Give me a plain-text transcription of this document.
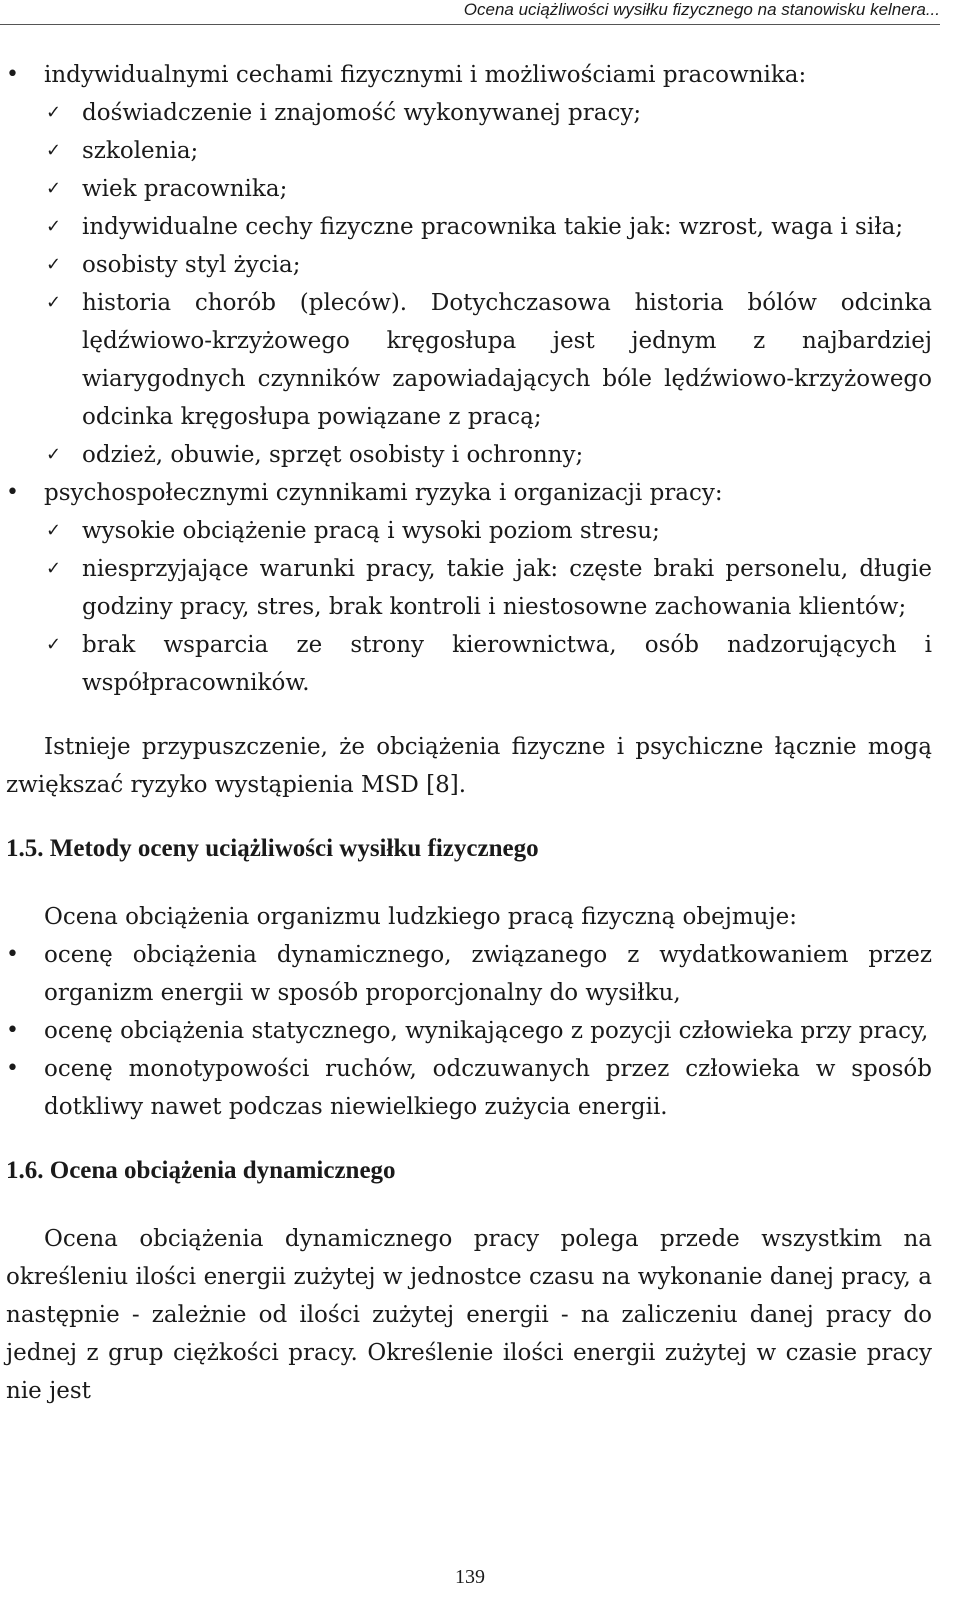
Ocena uciążliwości wysiłku fizycznego na stanowisku kelnera...
• indywidualnymi cechami fizycznymi i możliwościami pracownika:
✓ doświadczenie i znajomość wykonywanej pracy;
✓ szkolenia;
✓ wiek pracownika;
✓ indywidualne cechy fizyczne pracownika takie jak: wzrost, waga i siła;
✓ osobisty styl życia;
✓ historia chorób (pleców). Dotychczasowa historia bólów odcinka lędźwiowo-krzyżowego kręgosłupa jest jednym z najbardziej wiarygodnych czynników zapowiadających bóle lędźwiowo-krzyżowego odcinka kręgosłupa powiązane z pracą;
✓ odzież, obuwie, sprzęt osobisty i ochronny;
• psychospołecznymi czynnikami ryzyka i organizacji pracy:
✓ wysokie obciążenie pracą i wysoki poziom stresu;
✓ niesprzyjające warunki pracy, takie jak: częste braki personelu, długie godziny pracy, stres, brak kontroli i niestosowne zachowania klientów;
✓ brak wsparcia ze strony kierownictwa, osób nadzorujących i współpracowników.
Istnieje przypuszczenie, że obciążenia fizyczne i psychiczne łącznie mogą zwiększać ryzyko wystąpienia MSD [8].
1.5. Metody oceny uciążliwości wysiłku fizycznego
Ocena obciążenia organizmu ludzkiego pracą fizyczną obejmuje:
• ocenę obciążenia dynamicznego, związanego z wydatkowaniem przez organizm energii w sposób proporcjonalny do wysiłku,
• ocenę obciążenia statycznego, wynikającego z pozycji człowieka przy pracy,
• ocenę monotypowości ruchów, odczuwanych przez człowieka w sposób dotkliwy nawet podczas niewielkiego zużycia energii.
1.6. Ocena obciążenia dynamicznego
Ocena obciążenia dynamicznego pracy polega przede wszystkim na określeniu ilości energii zużytej w jednostce czasu na wykonanie danej pracy, a następnie - zależnie od ilości zużytej energii - na zaliczeniu danej pracy do jednej z grup ciężkości pracy. Określenie ilości energii zużytej w czasie pracy nie jest
139
